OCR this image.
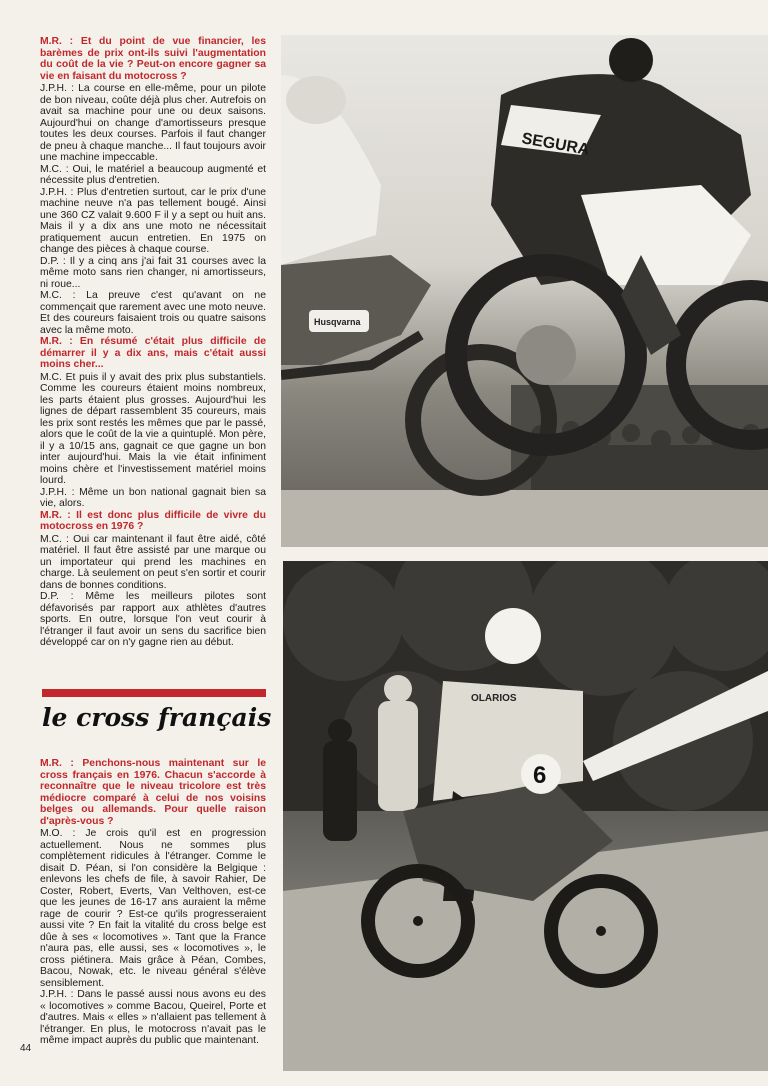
M.R. : Et du point de vue financier, les barèmes de prix ont-ils suivi l'augmentation du coût de la vie ? Peut-on encore gagner sa vie en faisant du motocross ?

J.P.H. : La course en elle-même, pour un pilote de bon niveau, coûte déjà plus cher. Autrefois on avait sa machine pour une ou deux saisons. Aujourd'hui on change d'amortisseurs presque toutes les deux courses. Parfois il faut changer de pneu à chaque manche... Il faut toujours avoir une machine impeccable.

M.C. : Oui, le matériel a beaucoup augmenté et nécessite plus d'entretien.

J.P.H. : Plus d'entretien surtout, car le prix d'une machine neuve n'a pas tellement bougé. Ainsi une 360 CZ valait 9.600 F il y a sept ou huit ans. Mais il y a dix ans une moto ne nécessitait pratiquement aucun entretien. En 1975 on change des pièces à chaque course.

D.P. : Il y a cinq ans j'ai fait 31 courses avec la même moto sans rien changer, ni amortisseurs, ni roue...

M.C. : La preuve c'est qu'avant on ne commençait que rarement avec une moto neuve. Et des coureurs faisaient trois ou quatre saisons avec la même moto.

M.R. : En résumé c'était plus difficile de démarrer il y a dix ans, mais c'était aussi moins cher...

M.C. Et puis il y avait des prix plus substantiels. Comme les coureurs étaient moins nombreux, les parts étaient plus grosses. Aujourd'hui les lignes de départ rassemblent 35 coureurs, mais les prix sont restés les mêmes que par le passé, alors que le coût de la vie a quintuplé. Mon père, il y a 10/15 ans, gagnait ce que gagne un bon inter aujourd'hui. Mais la vie était infiniment moins chère et l'investissement matériel moins lourd.

J.P.H. : Même un bon national gagnait bien sa vie, alors.

M.R. : Il est donc plus difficile de vivre du motocross en 1976 ?

M.C. : Oui car maintenant il faut être aidé, côté matériel. Il faut être assisté par une marque ou un importateur qui prend les machines en charge. Là seulement on peut s'en sortir et courir dans de bonnes conditions.

D.P. : Même les meilleurs pilotes sont défavorisés par rapport aux athlètes d'autres sports. En outre, lorsque l'on veut courir à l'étranger il faut avoir un sens du sacrifice bien développé car on n'y gagne rien au début.

le cross français

M.R. : Penchons-nous maintenant sur le cross français en 1976. Chacun s'accorde à reconnaître que le niveau tricolore est très médiocre comparé à celui de nos voisins belges ou allemands. Pour quelle raison d'après-vous ?

M.O. : Je crois qu'il est en progression actuellement. Nous ne sommes plus complètement ridicules à l'étranger. Comme le disait D. Péan, si l'on considère la Belgique : enlevons les chefs de file, à savoir Rahier, De Coster, Robert, Everts, Van Velthoven, est-ce que les jeunes de 16-17 ans auraient la même rage de courir ? Est-ce qu'ils progresseraient aussi vite ? En fait la vitalité du cross belge est dûe à ses « locomotives ». Tant que la France n'aura pas, elle aussi, ses « locomotives », le cross piétinera. Mais grâce à Péan, Combes, Bacou, Nowak, etc. le niveau général s'élève sensiblement.

J.P.H. : Dans le passé aussi nous avons eu des « locomotives » comme Bacou, Queirel, Porte et d'autres. Mais « elles » n'allaient pas tellement à l'étranger. En plus, le motocross n'avait pas le même impact auprès du public que maintenant.

Husqvarna
SEGURA
OLARIOS
6
44
